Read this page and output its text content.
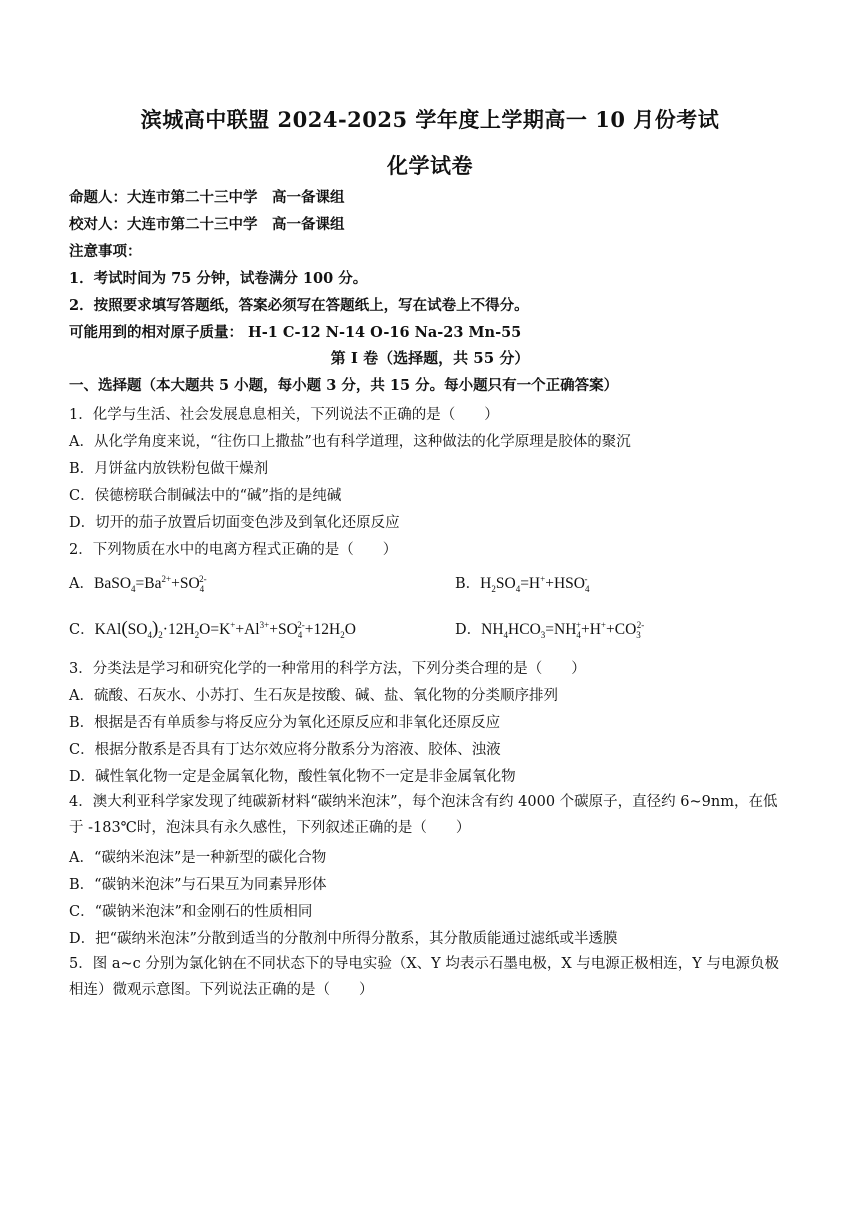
滨城高中联盟 2024-2025 学年度上学期高一 10 月份考试
化学试卷
命题人：大连市第二十三中学　高一备课组
校对人：大连市第二十三中学　高一备课组
注意事项：
1．考试时间为 75 分钟，试卷满分 100 分。
2．按照要求填写答题纸，答案必须写在答题纸上，写在试卷上不得分。
可能用到的相对原子质量： H-1 C-12 N-14 O-16 Na-23 Mn-55
第 I 卷（选择题，共 55 分）
一、选择题（本大题共 5 小题，每小题 3 分，共 15 分。每小题只有一个正确答案）
1．化学与生活、社会发展息息相关，下列说法不正确的是（　　）
A．从化学角度来说，“往伤口上撒盐”也有科学道理，这种做法的化学原理是胶体的聚沉
B．月饼盆内放铁粉包做干燥剂
C．侯德榜联合制碱法中的“碱”指的是纯碱
D．切开的茄子放置后切面变色涉及到氧化还原反应
2．下列物质在水中的电离方程式正确的是（　　）
A．$BaSO_4=Ba^{2+}+SO_4^{2-}$	B．$H_2SO_4=H^++HSO_4^-$
C．$KAl(SO_4)_2\cdot 12H_2O=K^++Al^{3+}+SO_4^{2-}+12H_2O$	D．$NH_4HCO_3=NH_4^++H^++CO_3^{2-}$
3．分类法是学习和研究化学的一种常用的科学方法，下列分类合理的是（　　）
A．硫酸、石灰水、小苏打、生石灰是按酸、碱、盐、氧化物的分类顺序排列
B．根据是否有单质参与将反应分为氧化还原反应和非氧化还原反应
C．根据分散系是否具有丁达尔效应将分散系分为溶液、胶体、浊液
D．碱性氧化物一定是金属氧化物，酸性氧化物不一定是非金属氧化物
4．澳大利亚科学家发现了纯碳新材料“碳纳米泡沫”，每个泡沫含有约 4000 个碳原子，直径约 6~9nm，在低于 -183℃时，泡沫具有永久感性，下列叙述正确的是（　　）
A．“碳纳米泡沫”是一种新型的碳化合物
B．“碳钠米泡沫”与石果互为同素异形体
C．“碳钠米泡沫”和金刚石的性质相同
D．把“碳纳米泡沫”分散到适当的分散剂中所得分散系，其分散质能通过滤纸或半透膜
5．图 a~c 分别为氯化钠在不同状态下的导电实验（X、Y 均表示石墨电极，X 与电源正极相连，Y 与电源负极相连）微观示意图。下列说法正确的是（　　）
